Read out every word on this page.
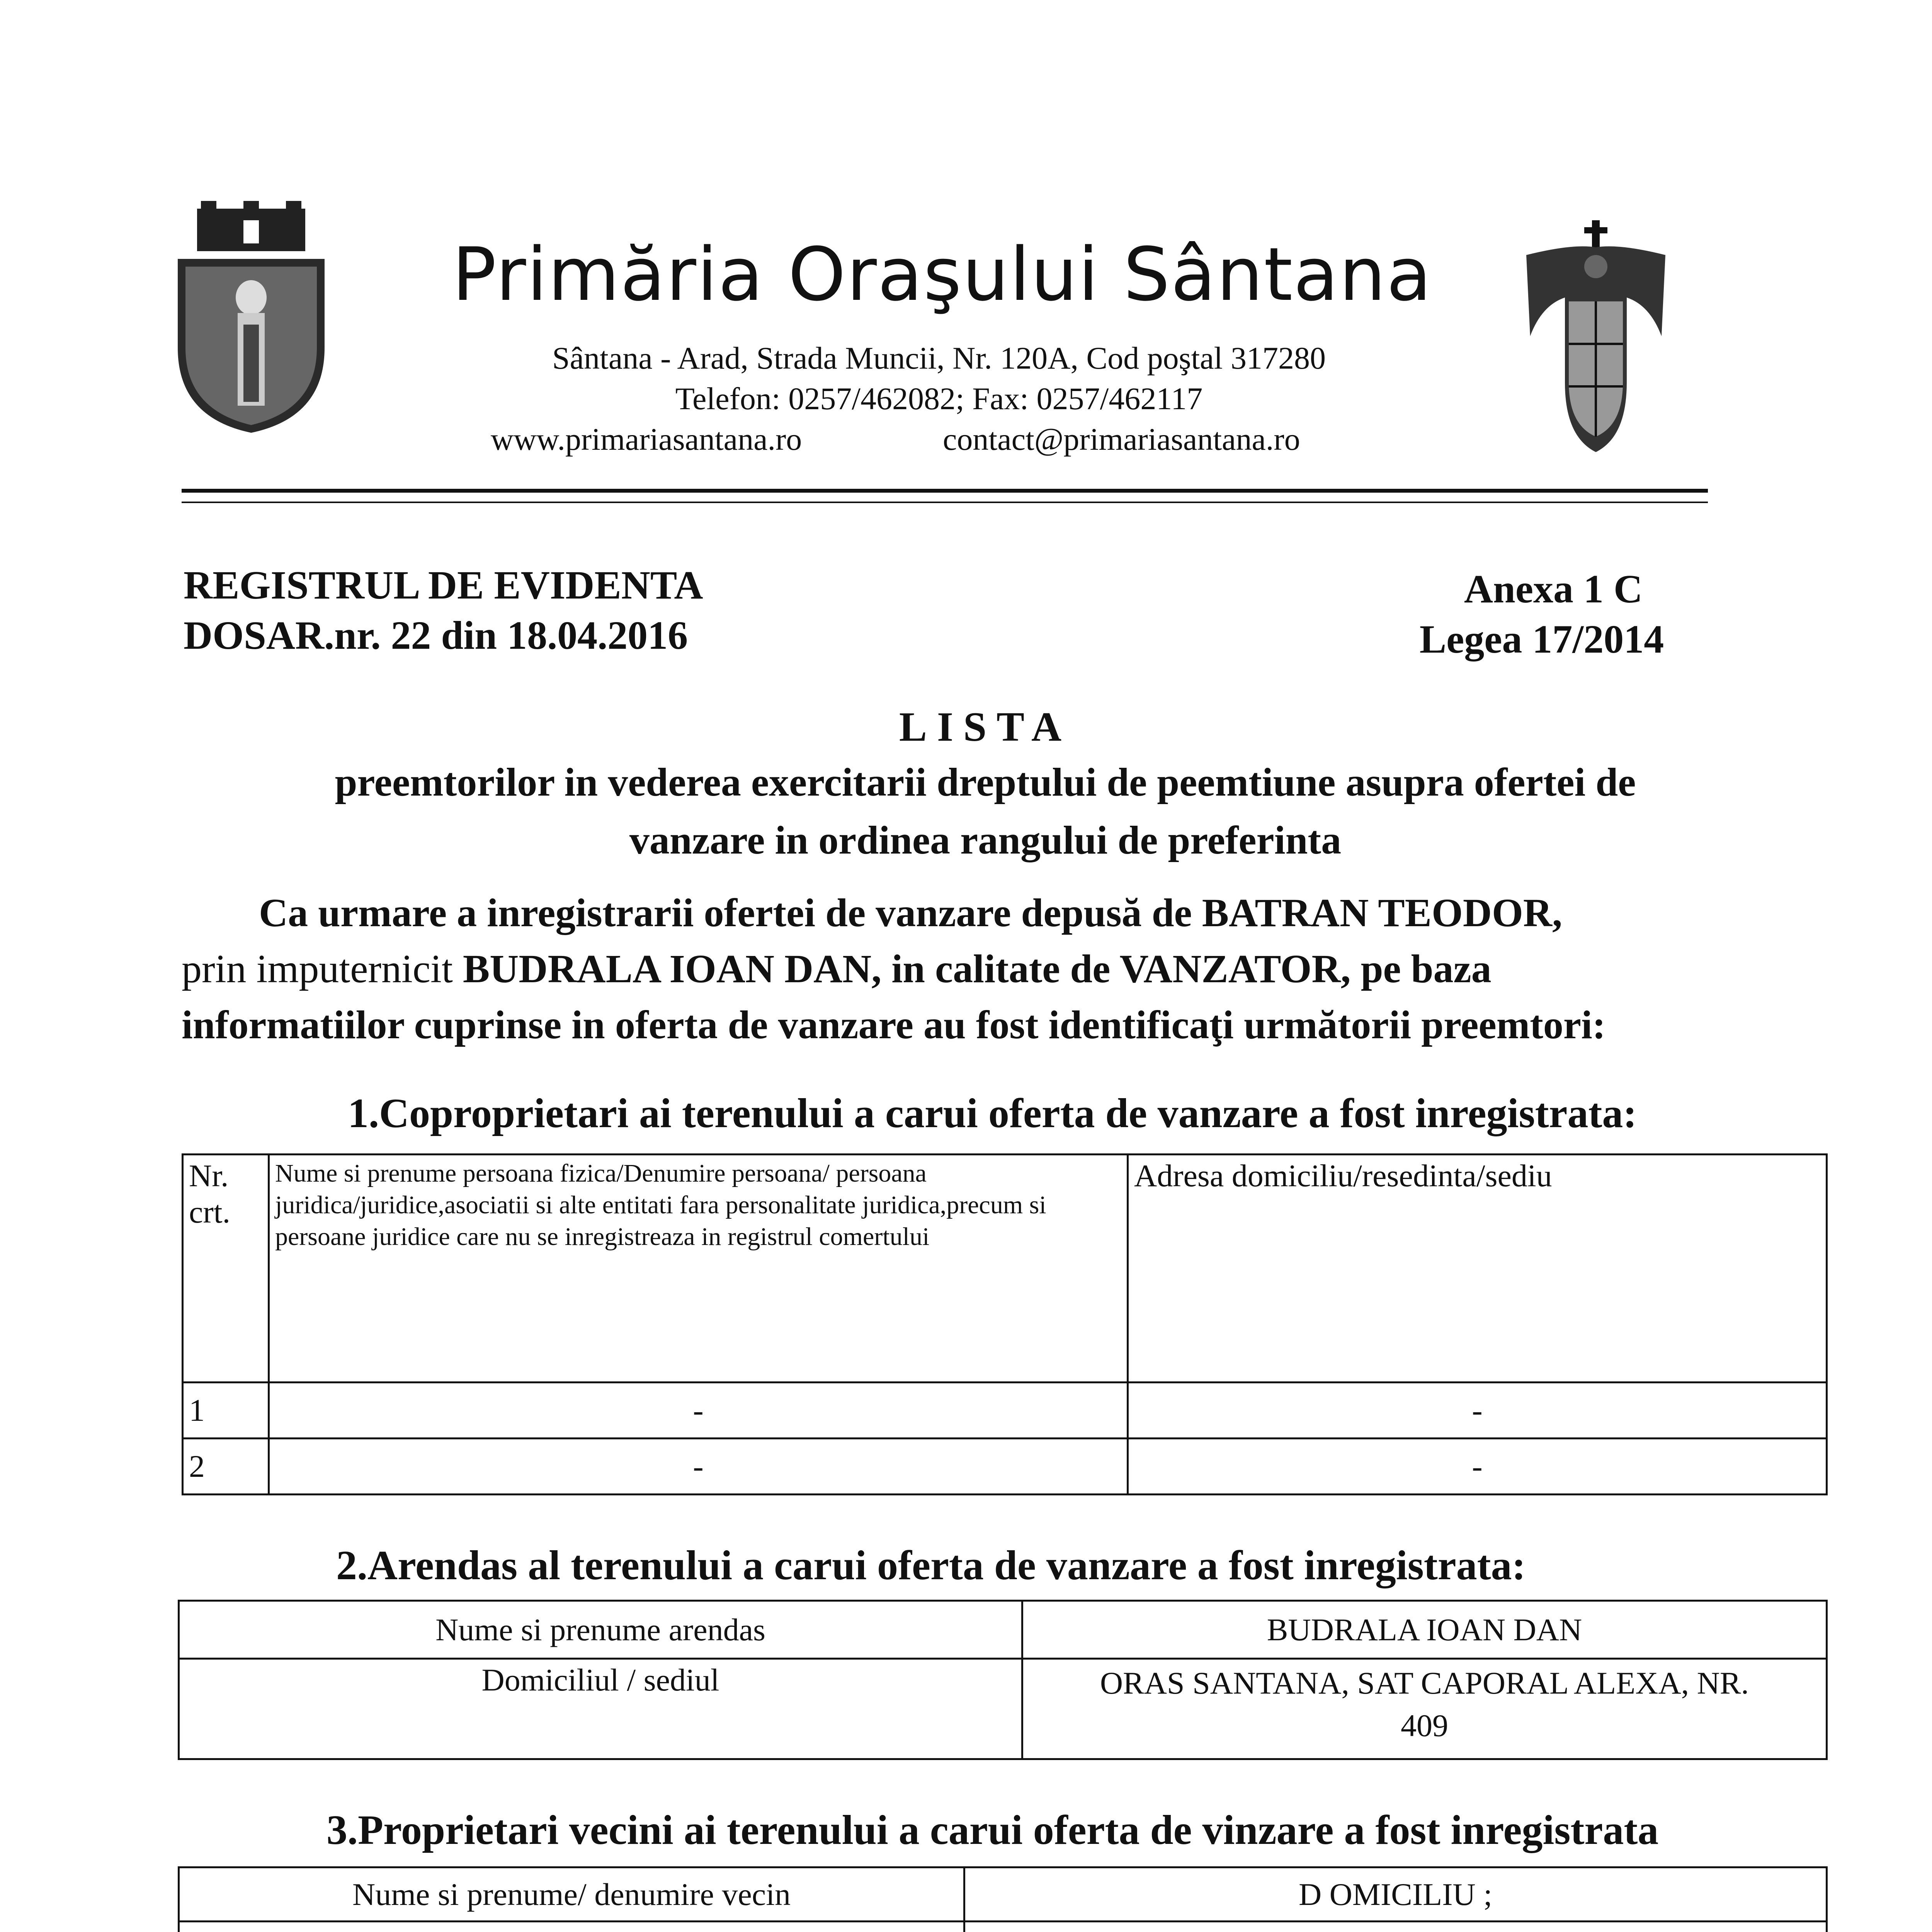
Primăria Oraşului Sântana
Sântana - Arad, Strada Muncii, Nr. 120A, Cod poştal 317280
Telefon: 0257/462082; Fax: 0257/462117
www.primariasantana.ro	contact@primariasantana.ro
REGISTRUL DE EVIDENTA
DOSAR.nr. 22 din 18.04.2016
Anexa 1 C
Legea 17/2014
LISTA
preemtorilor in vederea exercitarii dreptului de peemtiune asupra ofertei de
vanzare in ordinea rangului de preferinta
Ca urmare a inregistrarii ofertei de vanzare depusă de BATRAN TEODOR,
prin imputernicit BUDRALA IOAN DAN, in calitate de VANZATOR, pe baza
informatiilor cuprinse in oferta de vanzare au fost identificaţi următorii preemtori:
1.Coproprietari ai terenului a carui oferta de vanzare a fost inregistrata:
Nr. crt.	Nume si prenume persoana fizica/Denumire persoana/ persoana juridica/juridice,asociatii si alte entitati fara personalitate juridica,precum si persoane juridice care nu se inregistreaza in registrul comertului	Adresa domiciliu/resedinta/sediu
1	-	-
2	-	-
2.Arendas al terenului a carui oferta de vanzare a fost inregistrata:
Nume si prenume arendas	BUDRALA IOAN DAN
Domiciliul / sediul	ORAS SANTANA, SAT CAPORAL ALEXA, NR. 409
3.Proprietari vecini ai terenului a carui oferta de vinzare a fost inregistrata
Nume si prenume/ denumire vecin	D OMICILIU ;
